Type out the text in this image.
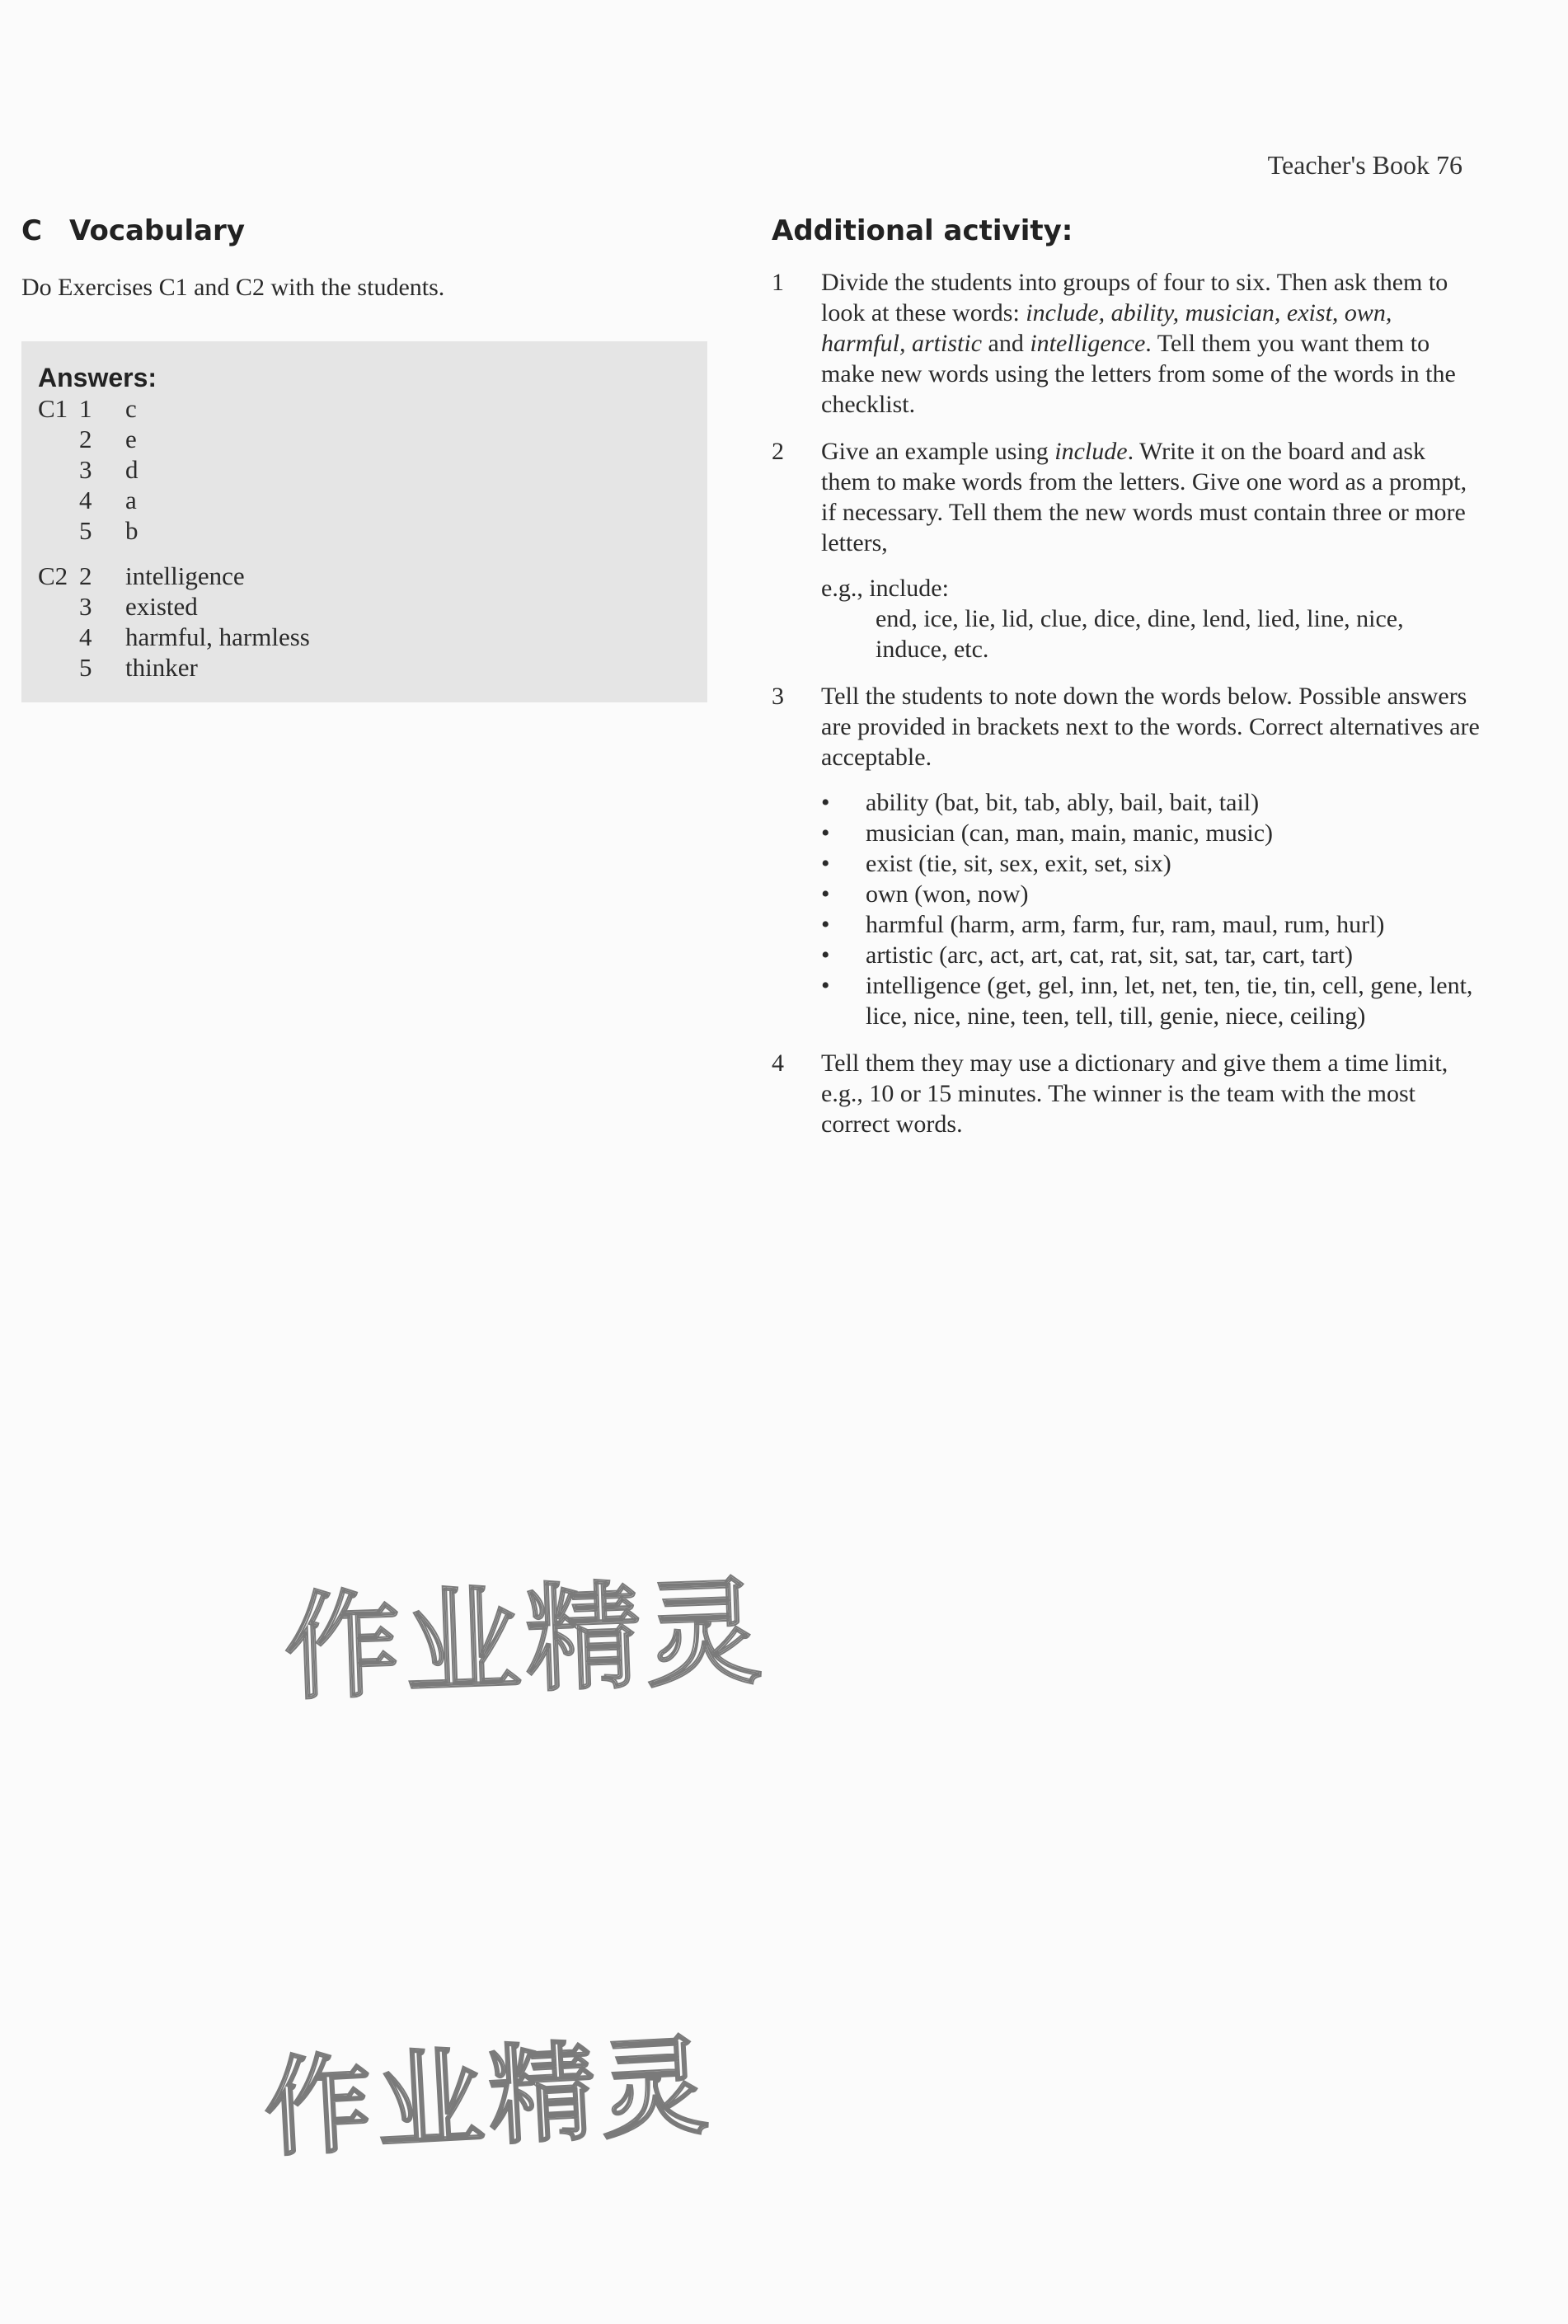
Teacher's Book 76
C Vocabulary
Do Exercises C1 and C2 with the students.
Answers:
C1 1	c
2	e
3	d
4	a
5	b
C2 2	intelligence
3	existed
4	harmful, harmless
5	thinker
Additional activity:
1	Divide the students into groups of four to six. Then ask them to look at these words: include, ability, musician, exist, own, harmful, artistic and intelligence. Tell them you want them to make new words using the letters from some of the words in the checklist.
2	Give an example using include. Write it on the board and ask them to make words from the letters. Give one word as a prompt, if necessary. Tell them the new words must contain three or more letters,
e.g., include:
end, ice, lie, lid, clue, dice, dine, lend, lied, line, nice, induce, etc.
3	Tell the students to note down the words below. Possible answers are provided in brackets next to the words. Correct alternatives are acceptable.
•	ability (bat, bit, tab, ably, bail, bait, tail)
•	musician (can, man, main, manic, music)
•	exist (tie, sit, sex, exit, set, six)
•	own (won, now)
•	harmful (harm, arm, farm, fur, ram, maul, rum, hurl)
•	artistic (arc, act, art, cat, rat, sit, sat, tar, cart, tart)
•	intelligence (get, gel, inn, let, net, ten, tie, tin, cell, gene, lent, lice, nice, nine, teen, tell, till, genie, niece, ceiling)
4	Tell them they may use a dictionary and give them a time limit, e.g., 10 or 15 minutes. The winner is the team with the most correct words.
作业精灵
作业精灵
